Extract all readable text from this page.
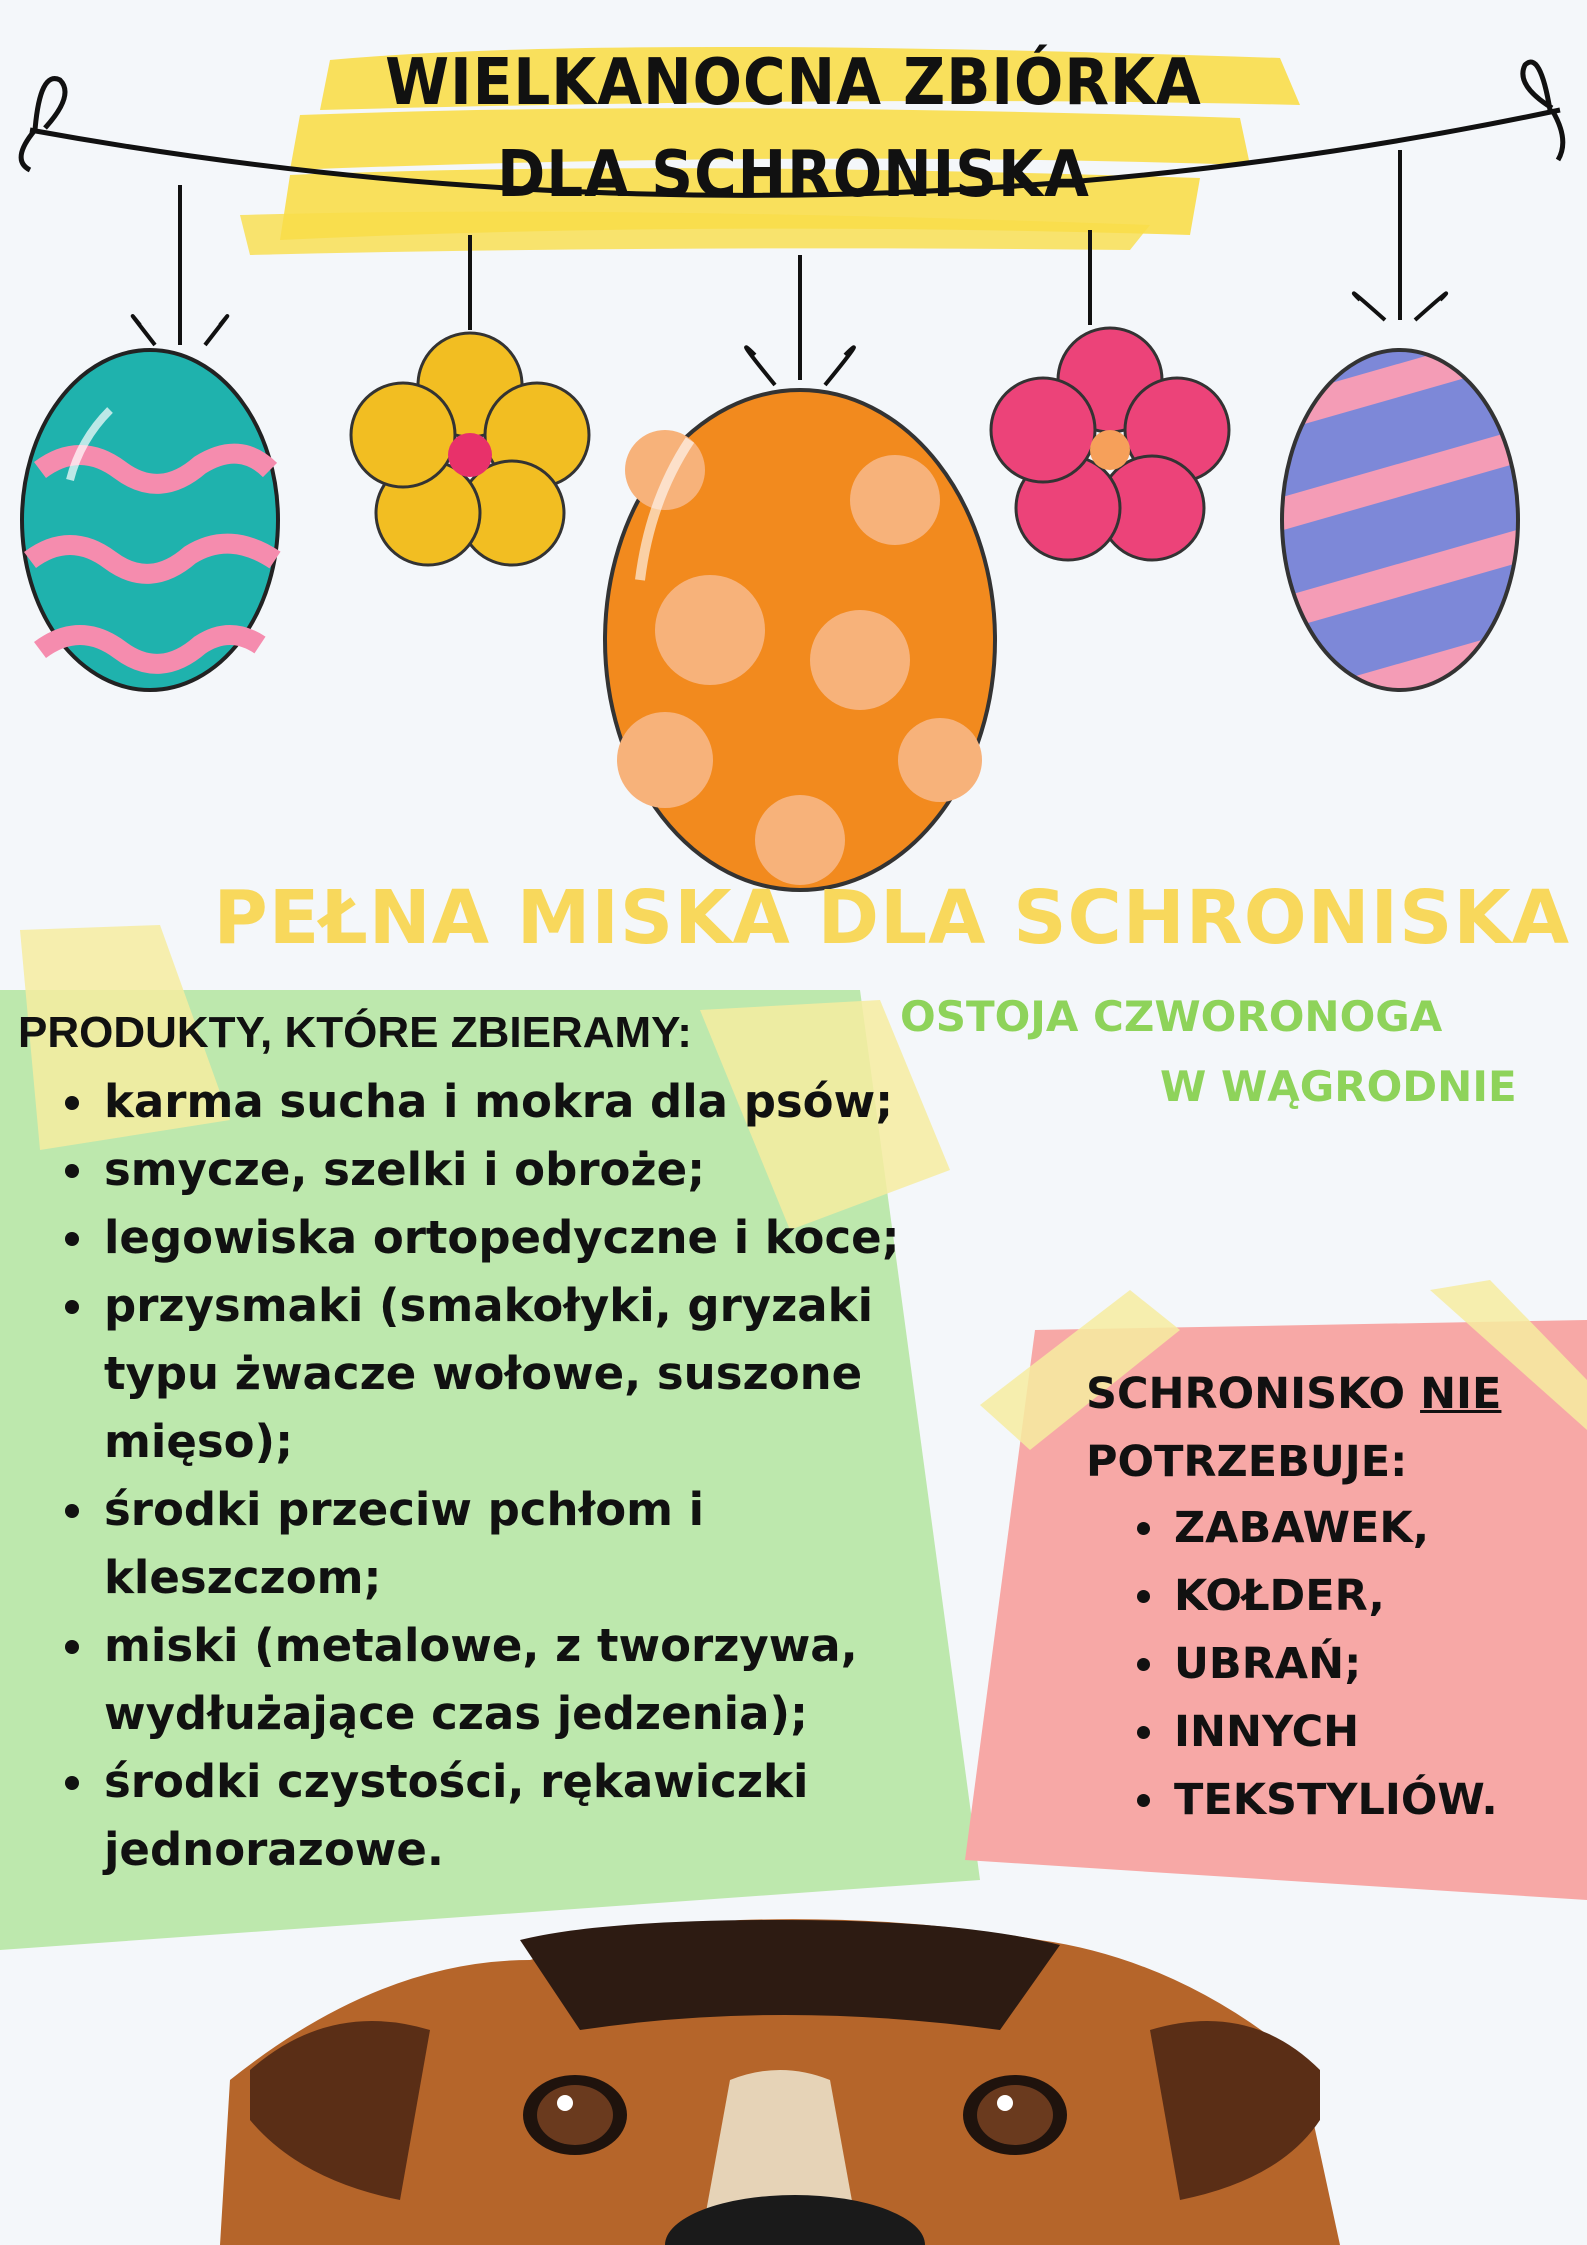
WIELKANOCNA ZBIÓRKA
DLA SCHRONISKA
PEŁNA MISKA DLA SCHRONISKA
OSTOJA CZWORONOGA
W WĄGRODNIE
PRODUKTY, KTÓRE ZBIERAMY:
• karma sucha i mokra dla psów;
• smycze, szelki i obroże;
• legowiska ortopedyczne i koce;
• przysmaki (smakołyki, gryzaki typu żwacze wołowe, suszone mięso);
• środki przeciw pchłom i kleszczom;
• miski (metalowe, z tworzywa, wydłużające czas jedzenia);
• środki czystości, rękawiczki jednorazowe.
SCHRONISKO NIE POTRZEBUJE:
• ZABAWEK,
• KOŁDER,
• UBRAŃ;
• INNYCH
• TEKSTYLIÓW.
